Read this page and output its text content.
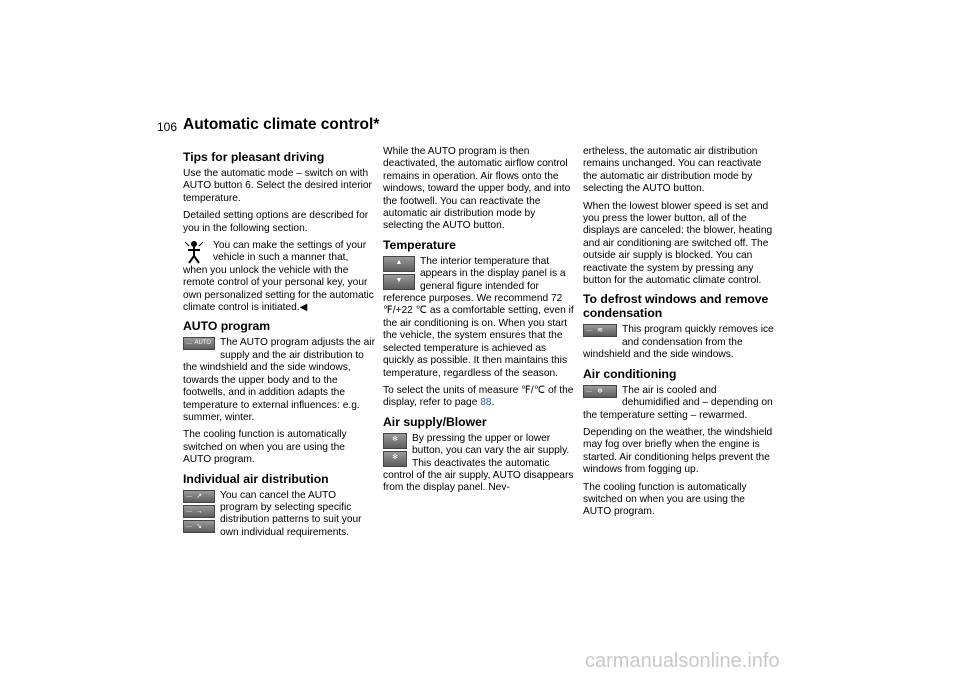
106 Automatic climate control*
Tips for pleasant driving

Use the automatic mode – switch on with AUTO button 6. Select the desired interior temperature.

Detailed setting options are described for you in the following section.

You can make the settings of your vehicle in such a manner that, when you unlock the vehicle with the remote control of your personal key, your own personalized setting for the automatic climate control is initiated.◀

AUTO program

— AUTO The AUTO program adjusts the air supply and the air distribution to the windshield and the side windows, towards the upper body and to the footwells, and in addition adapts the temperature to external influences: e.g. summer, winter.

The cooling function is automatically switched on when you are using the AUTO program.

Individual air distribution

— ↗
— →
— ↘
You can cancel the AUTO program by selecting specific distribution patterns to suit your own individual requirements.

While the AUTO program is then deactivated, the automatic airflow control remains in operation. Air flows onto the windows, toward the upper body, and into the footwell. You can reactivate the automatic air distribution mode by selecting the AUTO button.

Temperature

▲
▼
The interior temperature that appears in the display panel is a general figure intended for reference purposes. We recommend 72 ℉/+22 ℃ as a comfortable setting, even if the air conditioning is on. When you start the vehicle, the system ensures that the selected temperature is achieved as quickly as possible. It then maintains this temperature, regardless of the season.

To select the units of measure ℉/℃ of the display, refer to page 88.

Air supply/Blower

✻
✻
By pressing the upper or lower button, you can vary the air supply. This deactivates the automatic control of the air supply, AUTO disappears from the display panel. Nev-

ertheless, the automatic air distribution remains unchanged. You can reactivate the automatic air distribution mode by selecting the AUTO button.

When the lowest blower speed is set and you press the lower button, all of the displays are canceled: the blower, heating and air conditioning are switched off. The outside air supply is blocked. You can reactivate the system by pressing any button for the automatic climate control.

To defrost windows and remove condensation

— ≋	This program quickly removes ice and condensation from the windshield and the side windows.

Air conditioning

— ❄	The air is cooled and dehumidified and – depending on the temperature setting – rewarmed.

Depending on the weather, the windshield may fog over briefly when the engine is started. Air conditioning helps prevent the windows from fogging up.

The cooling function is automatically switched on when you are using the AUTO program.

carmanualsonline.info
